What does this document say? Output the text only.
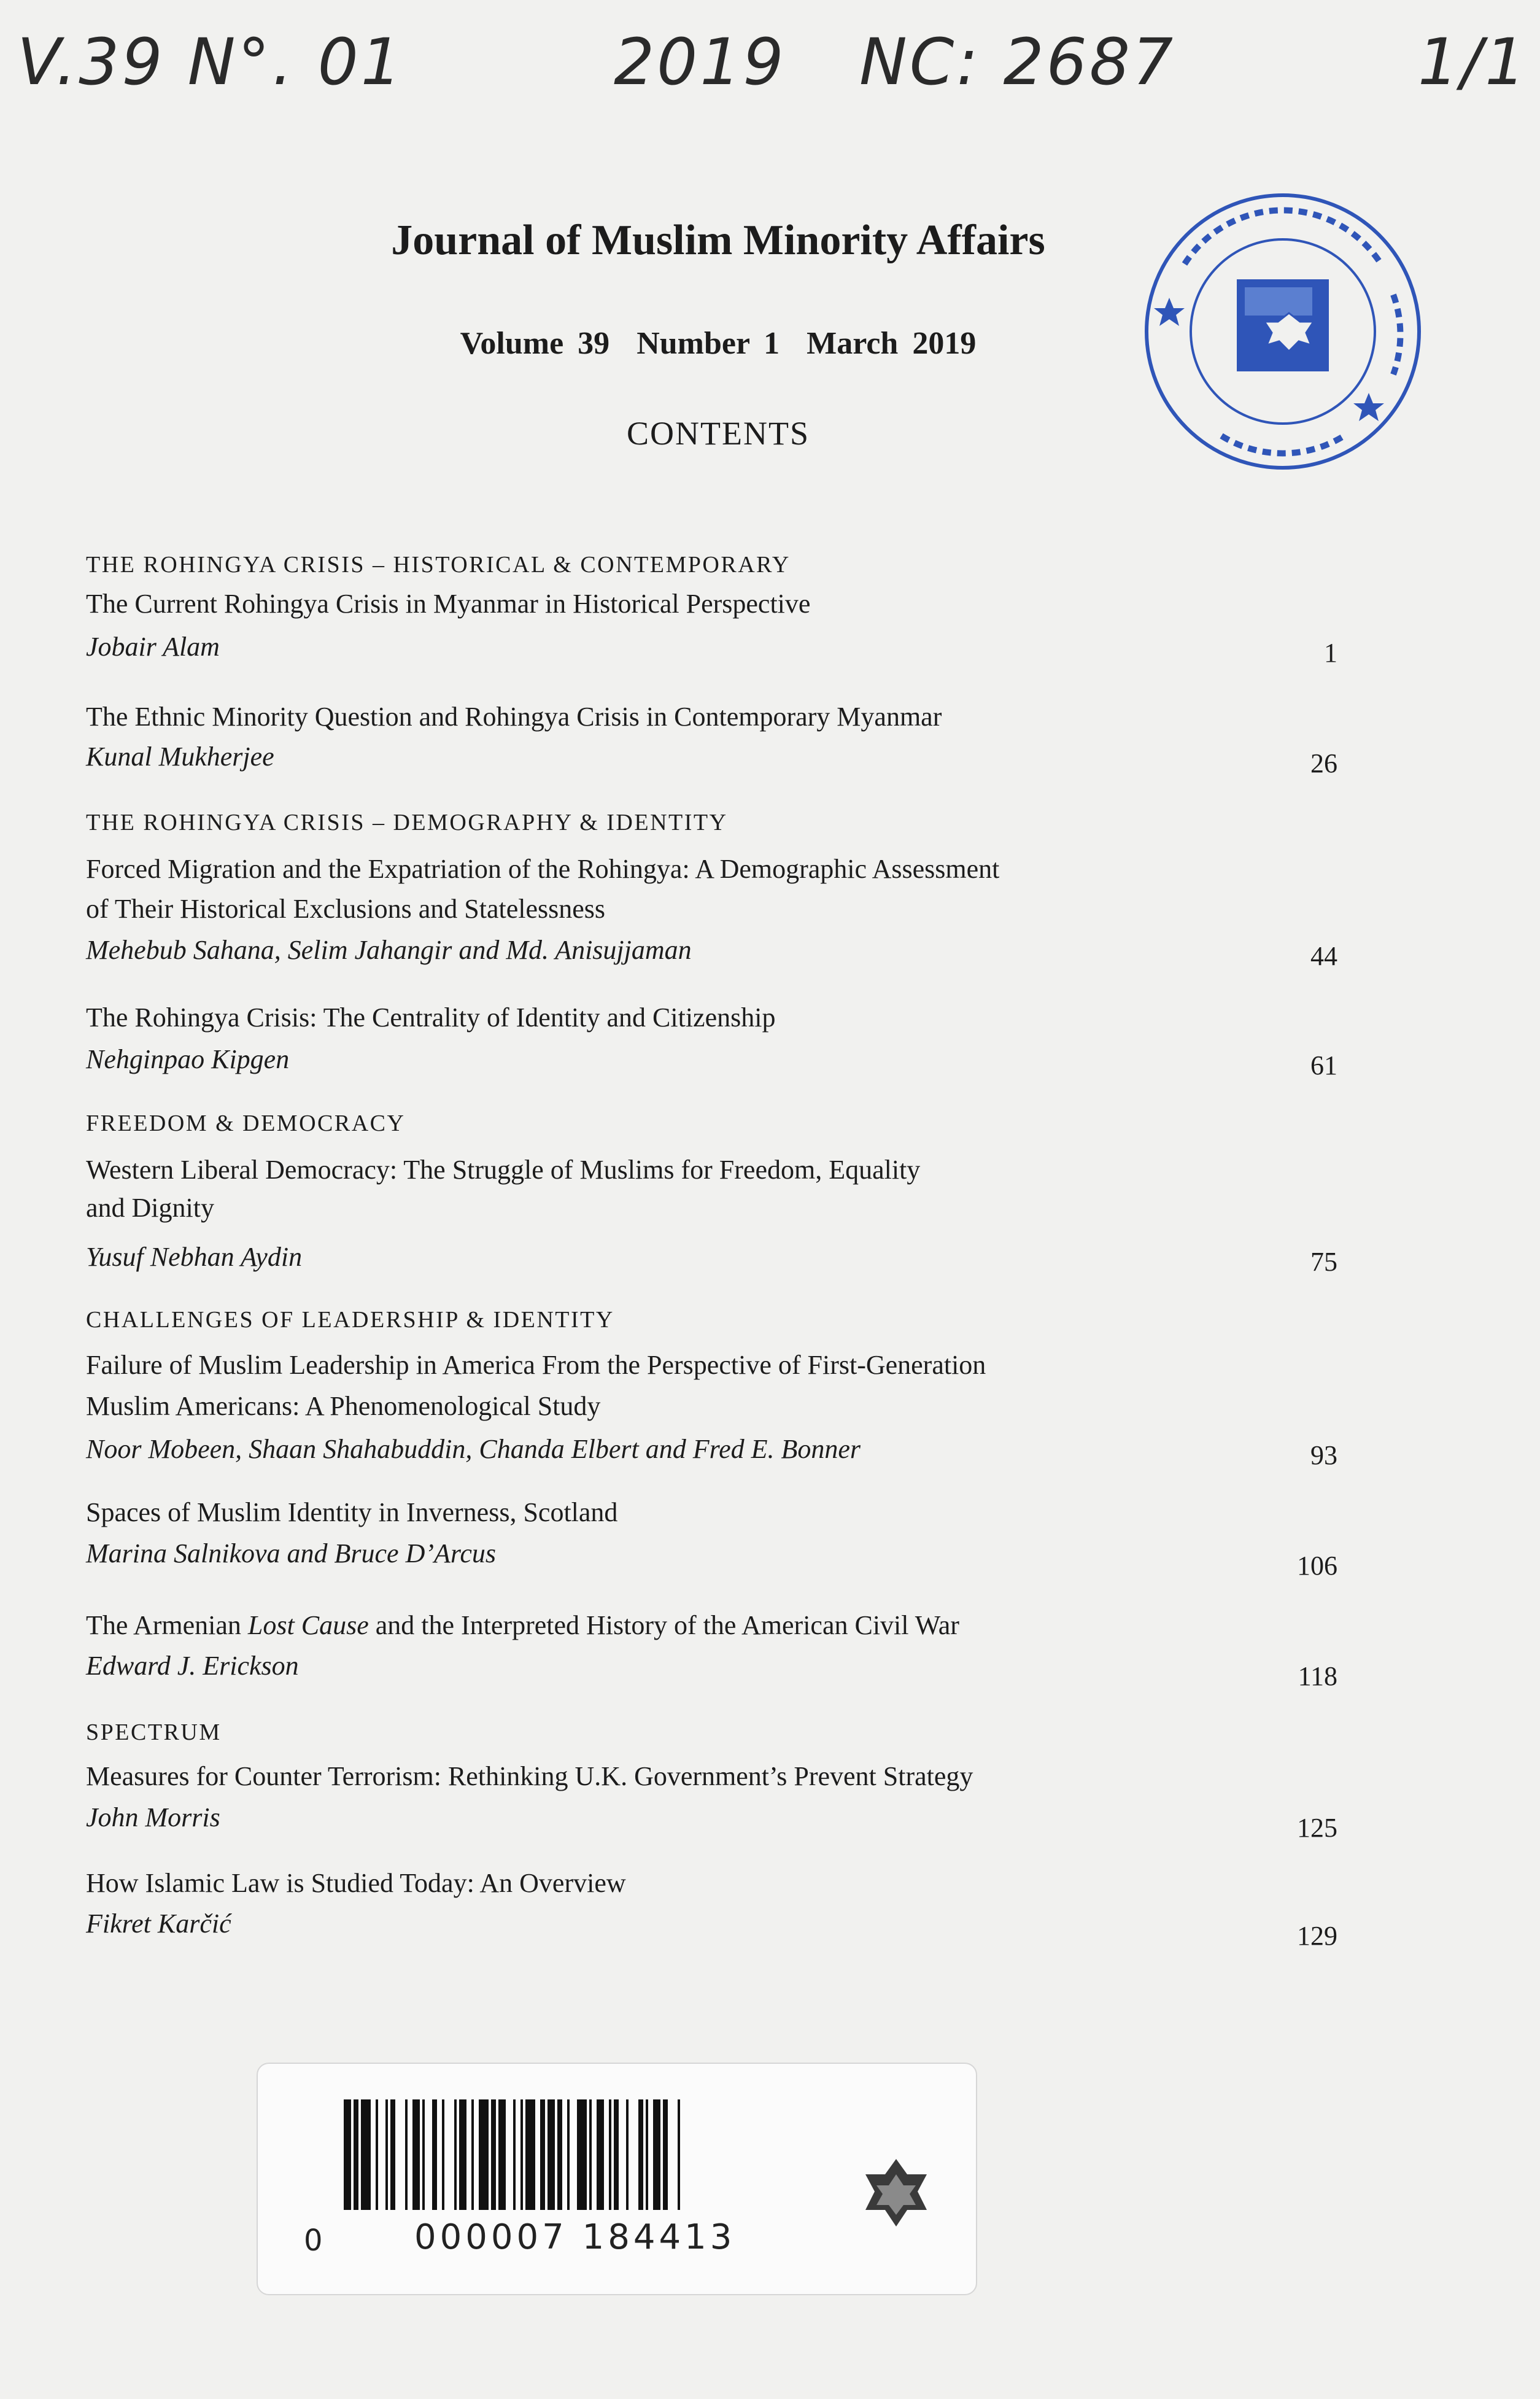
V.39 N°. 01	2019 NC: 2687	1/1
Journal of Muslim Minority Affairs
Volume 39 Number 1 March 2019
CONTENTS
THE ROHINGYA CRISIS – HISTORICAL & CONTEMPORARY
The Current Rohingya Crisis in Myanmar in Historical Perspective
Jobair Alam	1
The Ethnic Minority Question and Rohingya Crisis in Contemporary Myanmar
Kunal Mukherjee	26
THE ROHINGYA CRISIS – DEMOGRAPHY & IDENTITY
Forced Migration and the Expatriation of the Rohingya: A Demographic Assessment
of Their Historical Exclusions and Statelessness
Mehebub Sahana, Selim Jahangir and Md. Anisujjaman	44
The Rohingya Crisis: The Centrality of Identity and Citizenship
Nehginpao Kipgen	61
FREEDOM & DEMOCRACY
Western Liberal Democracy: The Struggle of Muslims for Freedom, Equality
and Dignity
Yusuf Nebhan Aydin	75
CHALLENGES OF LEADERSHIP & IDENTITY
Failure of Muslim Leadership in America From the Perspective of First-Generation
Muslim Americans: A Phenomenological Study
Noor Mobeen, Shaan Shahabuddin, Chanda Elbert and Fred E. Bonner	93
Spaces of Muslim Identity in Inverness, Scotland
Marina Salnikova and Bruce D’Arcus	106
The Armenian Lost Cause and the Interpreted History of the American Civil War
Edward J. Erickson	118
SPECTRUM
Measures for Counter Terrorism: Rethinking U.K. Government’s Prevent Strategy
John Morris	125
How Islamic Law is Studied Today: An Overview
Fikret Karčić	129
0	000007 184413
